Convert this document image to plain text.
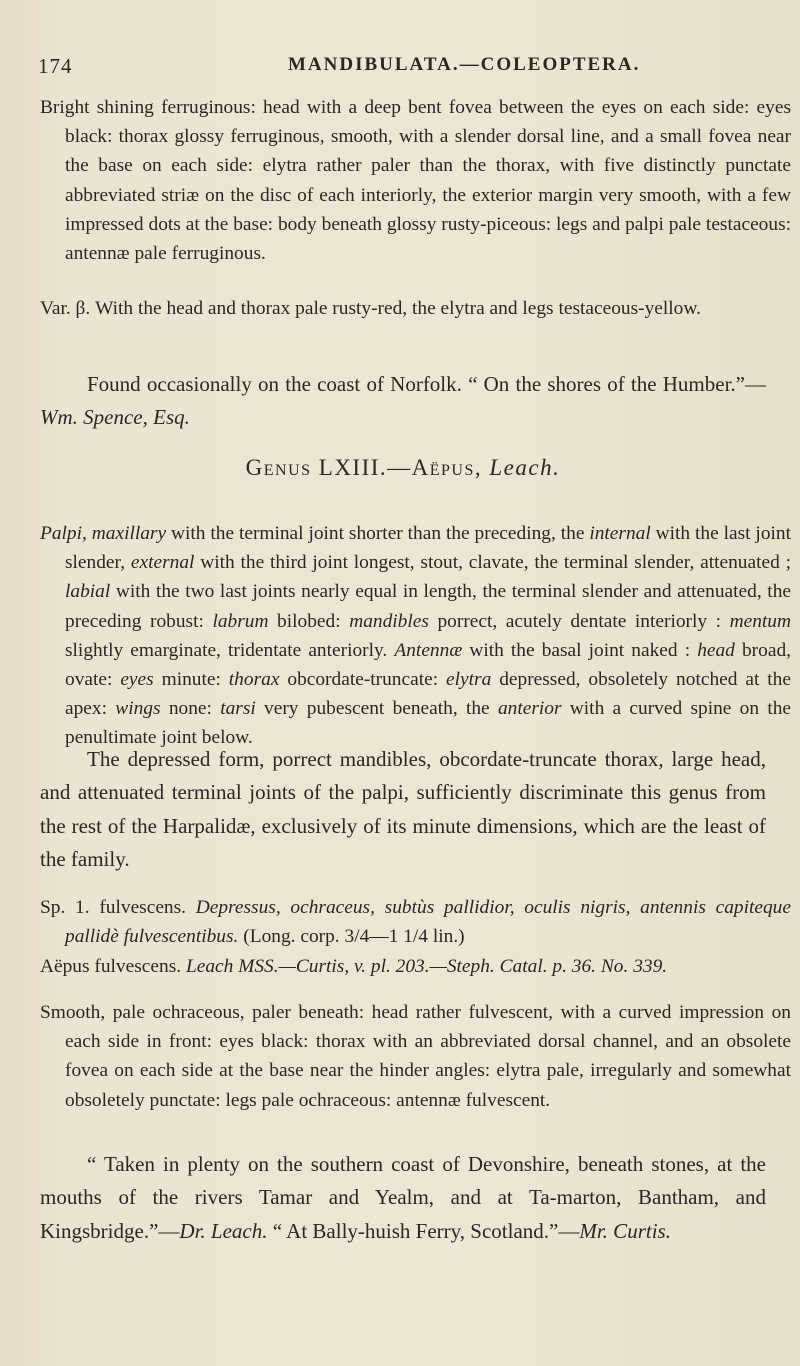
174	MANDIBULATA.—COLEOPTERA.
Bright shining ferruginous: head with a deep bent fovea between the eyes on each side: eyes black: thorax glossy ferruginous, smooth, with a slender dorsal line, and a small fovea near the base on each side: elytra rather paler than the thorax, with five distinctly punctate abbreviated striæ on the disc of each interiorly, the exterior margin very smooth, with a few impressed dots at the base: body beneath glossy rusty-piceous: legs and palpi pale testaceous: antennæ pale ferruginous.
Var. β. With the head and thorax pale rusty-red, the elytra and legs testaceous-yellow.
Found occasionally on the coast of Norfolk. “ On the shores of the Humber.”—Wm. Spence, Esq.
Genus LXIII.—Aëpus, Leach.
Palpi, maxillary with the terminal joint shorter than the preceding, the internal with the last joint slender, external with the third joint longest, stout, clavate, the terminal slender, attenuated ; labial with the two last joints nearly equal in length, the terminal slender and attenuated, the preceding robust: labrum bilobed: mandibles porrect, acutely dentate interiorly : mentum slightly emarginate, tridentate anteriorly. Antennæ with the basal joint naked : head broad, ovate: eyes minute: thorax obcordate-truncate: elytra depressed, obsoletely notched at the apex: wings none: tarsi very pubescent beneath, the anterior with a curved spine on the penultimate joint below.
The depressed form, porrect mandibles, obcordate-truncate thorax, large head, and attenuated terminal joints of the palpi, sufficiently discriminate this genus from the rest of the Harpalidæ, exclusively of its minute dimensions, which are the least of the family.
Sp. 1. fulvescens. Depressus, ochraceus, subtùs pallidior, oculis nigris, antennis capiteque pallidè fulvescentibus. (Long. corp. 3/4—1 1/4 lin.)
Aëpus fulvescens. Leach MSS.—Curtis, v. pl. 203.—Steph. Catal. p. 36. No. 339.
Smooth, pale ochraceous, paler beneath: head rather fulvescent, with a curved impression on each side in front: eyes black: thorax with an abbreviated dorsal channel, and an obsolete fovea on each side at the base near the hinder angles: elytra pale, irregularly and somewhat obsoletely punctate: legs pale ochraceous: antennæ fulvescent.
“ Taken in plenty on the southern coast of Devonshire, beneath stones, at the mouths of the rivers Tamar and Yealm, and at Ta-marton, Bantham, and Kingsbridge.”—Dr. Leach. “ At Bally-huish Ferry, Scotland.”—Mr. Curtis.
